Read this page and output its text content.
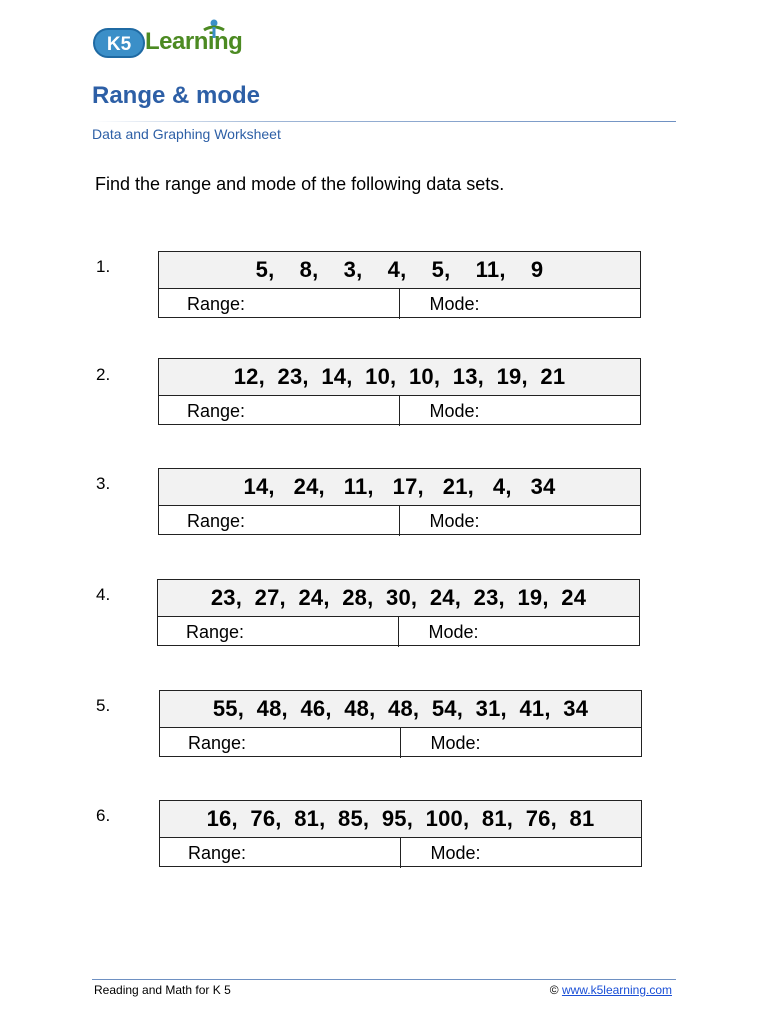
K5 Learning
Range & mode
Data and Graphing Worksheet
Find the range and mode of the following data sets.
1.	5,    8,    3,    4,    5,    11,    9
Range:	Mode:
2.	12,  23,  14,  10,  10,  13,  19,  21
Range:	Mode:
3.	14,   24,   11,   17,   21,   4,   34
Range:	Mode:
4.	23,  27,  24,  28,  30,  24,  23,  19,  24
Range:	Mode:
5.	55,  48,  46,  48,  48,  54,  31,  41,  34
Range:	Mode:
6.	16,  76,  81,  85,  95,  100,  81,  76,  81
Range:	Mode:
Reading and Math for K 5	© www.k5learning.com
